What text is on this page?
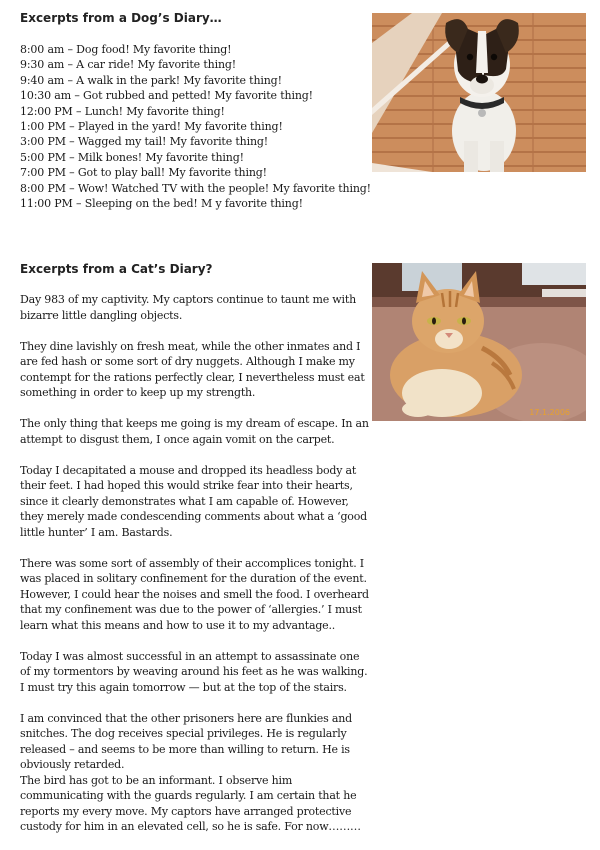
Excerpts from a Dog’s Diary…
8:00 am – Dog food! My favorite thing!
9:30 am – A car ride! My favorite thing!
9:40 am – A walk in the park! My favorite thing!
10:30 am – Got rubbed and petted! My favorite thing!
12:00 PM – Lunch! My favorite thing!
1:00 PM – Played in the yard! My favorite thing!
3:00 PM – Wagged my tail! My favorite thing!
5:00 PM – Milk bones! My favorite thing!
7:00 PM – Got to play ball! My favorite thing!
8:00 PM – Wow! Watched TV with the people! My favorite thing!
11:00 PM – Sleeping on the bed! M y favorite thing!
Excerpts from a Cat’s Diary?
17.1.2006

Day 983 of my captivity. My captors continue to taunt me with bizarre little dangling objects.

They dine lavishly on fresh meat, while the other inmates and I are fed hash or some sort of dry nuggets. Although I make my contempt for the rations perfectly clear, I nevertheless must eat something in order to keep up my strength.

The only thing that keeps me going is my dream of escape. In an attempt to disgust them, I once again vomit on the carpet.

Today I decapitated a mouse and dropped its headless body at their feet. I had hoped this would strike fear into their hearts, since it clearly demonstrates what I am capable of. However, they merely made condescending comments about what a ‘good little hunter’ I am. Bastards.

There was some sort of assembly of their accomplices tonight. I was placed in solitary confinement for the duration of the event. However, I could hear the noises and smell the food. I overheard that my confinement was due to the power of ‘allergies.’ I must learn what this means and how to use it to my advantage..

Today I was almost successful in an attempt to assassinate one of my tormentors by weaving around his feet as he was walking. I must try this again tomorrow — but at the top of the stairs.

I am convinced that the other prisoners here are flunkies and snitches. The dog receives special privileges. He is regularly released – and seems to be more than willing to return. He is obviously retarded.

The bird has got to be an informant. I observe him communicating with the guards regularly. I am certain that he reports my every move. My captors have arranged protective custody for him in an elevated cell, so he is safe. For now………
